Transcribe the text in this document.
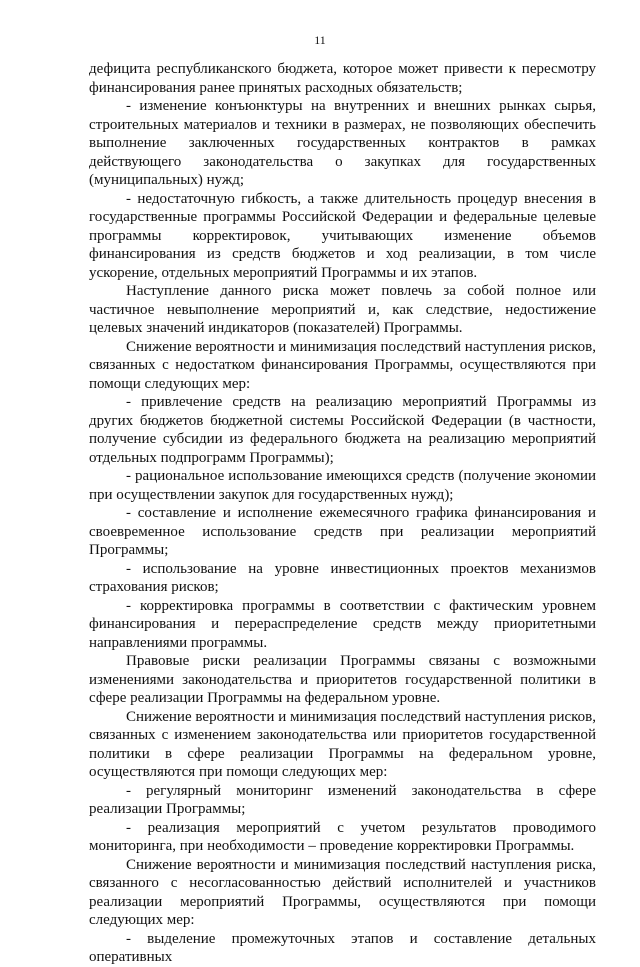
11

дефицита республиканского бюджета, которое может привести к пересмотру финансирования ранее принятых расходных обязательств;

- изменение конъюнктуры на внутренних и внешних рынках сырья, строительных материалов и техники в размерах, не позволяющих обеспечить выполнение заключенных государственных контрактов в рамках действующего законодательства о закупках для государственных (муниципальных) нужд;

- недостаточную гибкость, а также длительность процедур внесения в государственные программы Российской Федерации и федеральные целевые программы корректировок, учитывающих изменение объемов финансирования из средств бюджетов и ход реализации, в том числе ускорение, отдельных мероприятий Программы и их этапов.

Наступление данного риска может повлечь за собой полное или частичное невыполнение мероприятий и, как следствие, недостижение целевых значений индикаторов (показателей) Программы.

Снижение вероятности и минимизация последствий наступления рисков, связанных с недостатком финансирования Программы, осуществляются при помощи следующих мер:

- привлечение средств на реализацию мероприятий Программы из других бюджетов бюджетной системы Российской Федерации (в частности, получение субсидии из федерального бюджета на реализацию мероприятий отдельных подпрограмм Программы);

- рациональное использование имеющихся средств (получение экономии при осуществлении закупок для государственных нужд);

- составление и исполнение ежемесячного графика финансирования и своевременное использование средств при реализации мероприятий Программы;

- использование на уровне инвестиционных проектов механизмов страхования рисков;

- корректировка программы в соответствии с фактическим уровнем финансирования и перераспределение средств между приоритетными направлениями программы.

Правовые риски реализации Программы связаны с возможными изменениями законодательства и приоритетов государственной политики в сфере реализации Программы на федеральном уровне.

Снижение вероятности и минимизация последствий наступления рисков, связанных с изменением законодательства или приоритетов государственной политики в сфере реализации Программы на федеральном уровне, осуществляются при помощи следующих мер:

- регулярный мониторинг изменений законодательства в сфере реализации Программы;

- реализация мероприятий с учетом результатов проводимого мониторинга, при необходимости – проведение корректировки Программы.

Снижение вероятности и минимизация последствий наступления риска, связанного с несогласованностью действий исполнителей и участников реализации мероприятий Программы, осуществляются при помощи следующих мер:

- выделение промежуточных этапов и составление детальных оперативных
